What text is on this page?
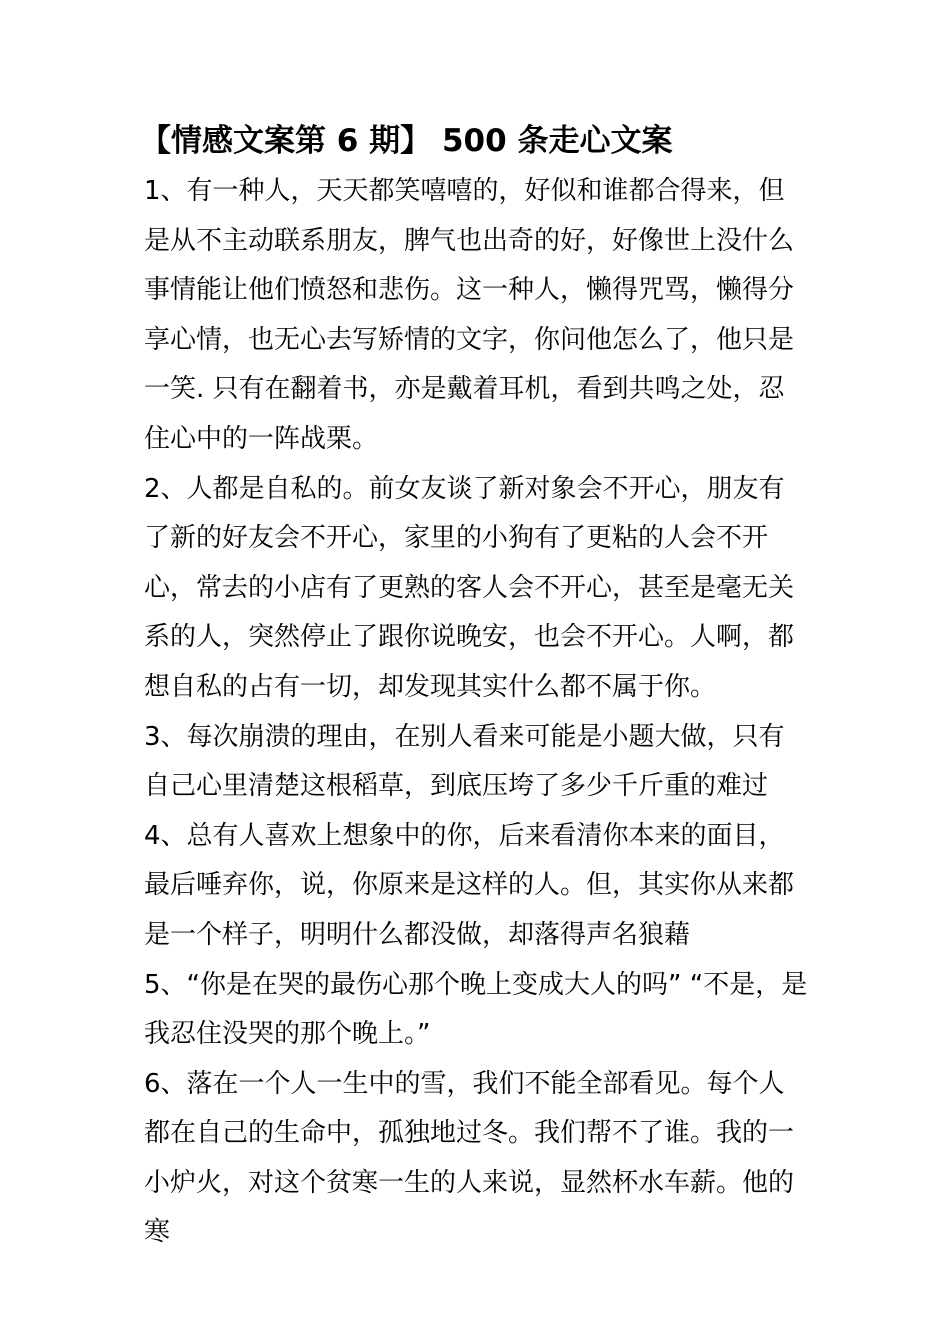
【情感文案第 6 期】 500 条走心文案

1、有一种人，天天都笑嘻嘻的，好似和谁都合得来，但是从不主动联系朋友，脾气也出奇的好，好像世上没什么事情能让他们愤怒和悲伤。这一种人，懒得咒骂，懒得分享心情，也无心去写矫情的文字，你问他怎么了，他只是一笑. 只有在翻着书，亦是戴着耳机，看到共鸣之处，忍住心中的一阵战栗。

2、人都是自私的。前女友谈了新对象会不开心，朋友有了新的好友会不开心，家里的小狗有了更粘的人会不开心，常去的小店有了更熟的客人会不开心，甚至是毫无关系的人，突然停止了跟你说晚安，也会不开心。人啊，都想自私的占有一切，却发现其实什么都不属于你。

3、每次崩溃的理由，在别人看来可能是小题大做，只有自己心里清楚这根稻草，到底压垮了多少千斤重的难过

4、总有人喜欢上想象中的你，后来看清你本来的面目，最后唾弃你，说，你原来是这样的人。但，其实你从来都是一个样子，明明什么都没做，却落得声名狼藉

5、“你是在哭的最伤心那个晚上变成大人的吗” “不是，是我忍住没哭的那个晚上。”

6、落在一个人一生中的雪，我们不能全部看见。每个人都在自己的生命中，孤独地过冬。我们帮不了谁。我的一小炉火，对这个贫寒一生的人来说，显然杯水车薪。他的寒
